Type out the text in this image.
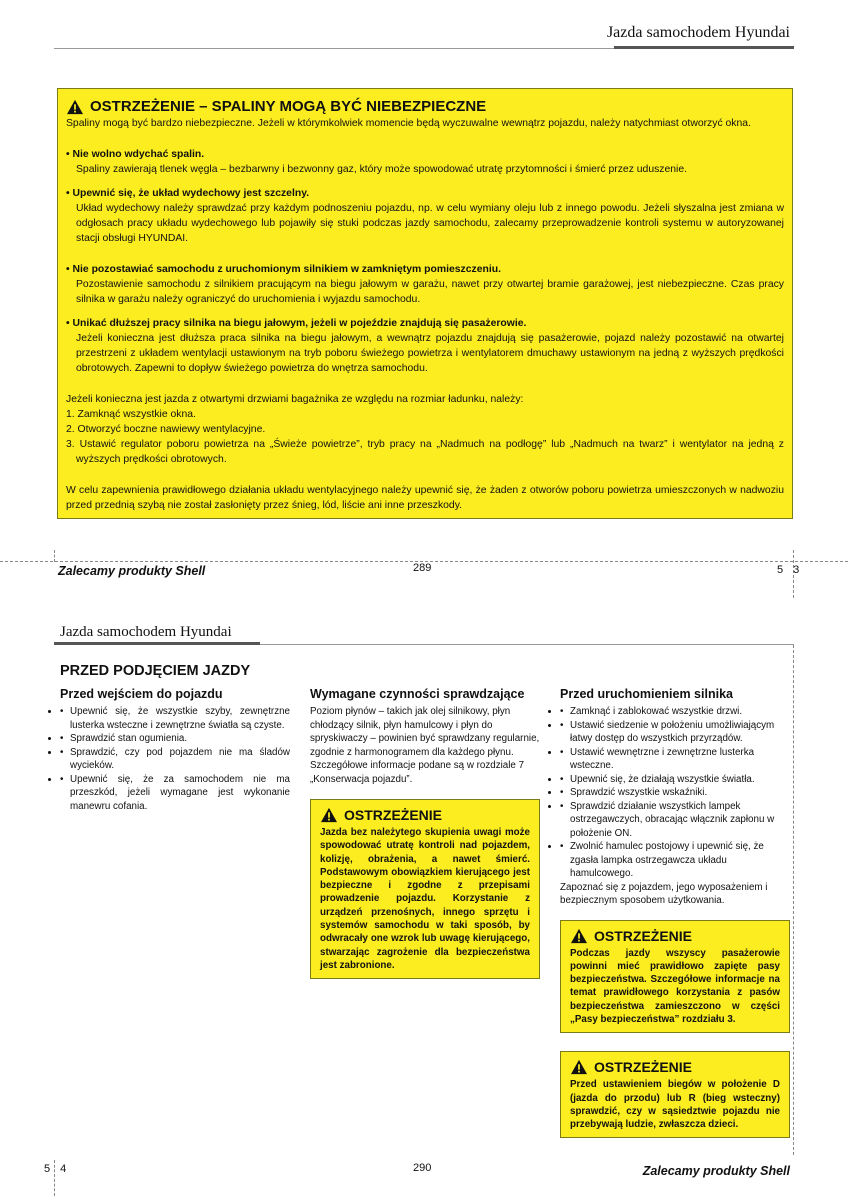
Jazda samochodem Hyundai
OSTRZEŻENIE – SPALINY MOGĄ BYĆ NIEBEZPIECZNE

Spaliny mogą być bardzo niebezpieczne. Jeżeli w którymkolwiek momencie będą wyczuwalne wewnątrz pojazdu, należy natychmiast otworzyć okna.

• Nie wolno wdychać spalin.

Spaliny zawierają tlenek węgla – bezbarwny i bezwonny gaz, który może spowodować utratę przytomności i śmierć przez uduszenie.

• Upewnić się, że układ wydechowy jest szczelny.

Układ wydechowy należy sprawdzać przy każdym podnoszeniu pojazdu, np. w celu wymiany oleju lub z innego powodu. Jeżeli słyszalna jest zmiana w odgłosach pracy układu wydechowego lub pojawiły się stuki podczas jazdy samochodu, zalecamy przeprowadzenie kontroli systemu w autoryzowanej stacji obsługi HYUNDAI.

• Nie pozostawiać samochodu z uruchomionym silnikiem w zamkniętym pomieszczeniu.

Pozostawienie samochodu z silnikiem pracującym na biegu jałowym w garażu, nawet przy otwartej bramie garażowej, jest niebezpieczne. Czas pracy silnika w garażu należy ograniczyć do uruchomienia i wyjazdu samochodu.

• Unikać dłuższej pracy silnika na biegu jałowym, jeżeli w pojeździe znajdują się pasażerowie.

Jeżeli konieczna jest dłuższa praca silnika na biegu jałowym, a wewnątrz pojazdu znajdują się pasażerowie, pojazd należy pozostawić na otwartej przestrzeni z układem wentylacji ustawionym na tryb poboru świeżego powietrza i wentylatorem dmuchawy ustawionym na jedną z wyższych prędkości obrotowych. Zapewni to dopływ świeżego powietrza do wnętrza samochodu.

Jeżeli konieczna jest jazda z otwartymi drzwiami bagażnika ze względu na rozmiar ładunku, należy:

1. Zamknąć wszystkie okna.

2. Otworzyć boczne nawiewy wentylacyjne.

3. Ustawić regulator poboru powietrza na „Świeże powietrze”, tryb pracy na „Nadmuch na podłogę” lub „Nadmuch na twarz” i wentylator na jedną z wyższych prędkości obrotowych.

W celu zapewnienia prawidłowego działania układu wentylacyjnego należy upewnić się, że żaden z otworów poboru powietrza umieszczonych w nadwoziu przed przednią szybą nie został zasłonięty przez śnieg, lód, liście ani inne przeszkody.

Zalecamy produkty Shell	289	5 3
Jazda samochodem Hyundai
PRZED PODJĘCIEM JAZDY
Przed wejściem do pojazdu
• • Upewnić się, że wszystkie szyby, zewnętrzne lusterka wsteczne i zewnętrzne światła są czyste.
• • Sprawdzić stan ogumienia.
• • Sprawdzić, czy pod pojazdem nie ma śladów wycieków.
• • Upewnić się, że za samochodem nie ma przeszkód, jeżeli wymagane jest wykonanie manewru cofania.
Wymagane czynności sprawdzające

Poziom płynów – takich jak olej silnikowy, płyn chłodzący silnik, płyn hamulcowy i płyn do spryskiwaczy – powinien być sprawdzany regularnie, zgodnie z harmonogramem dla każdego płynu. Szczegółowe informacje podane są w rozdziale 7 „Konserwacja pojazdu”.

OSTRZEŻENIE

Jazda bez należytego skupienia uwagi może spowodować utratę kontroli nad pojazdem, kolizję, obrażenia, a nawet śmierć. Podstawowym obowiązkiem kierującego jest bezpieczne i zgodne z przepisami prowadzenie pojazdu. Korzystanie z urządzeń przenośnych, innego sprzętu i systemów samochodu w taki sposób, by odwracały one wzrok lub uwagę kierującego, stwarzając zagrożenie dla bezpieczeństwa jest zabronione.

Przed uruchomieniem silnika
• • Zamknąć i zablokować wszystkie drzwi.
• • Ustawić siedzenie w położeniu umożliwiającym łatwy dostęp do wszystkich przyrządów.
• • Ustawić wewnętrzne i zewnętrzne lusterka wsteczne.
• • Upewnić się, że działają wszystkie światła.
• • Sprawdzić wszystkie wskaźniki.
• • Sprawdzić działanie wszystkich lampek ostrzegawczych, obracając włącznik zapłonu w położenie ON.
• • Zwolnić hamulec postojowy i upewnić się, że zgasła lampka ostrzegawcza układu hamulcowego.

Zapoznać się z pojazdem, jego wyposażeniem i bezpiecznym sposobem użytkowania.

OSTRZEŻENIE

Podczas jazdy wszyscy pasażerowie powinni mieć prawidłowo zapięte pasy bezpieczeństwa. Szczegółowe informacje na temat prawidłowego korzystania z pasów bezpieczeństwa zamieszczono w części „Pasy bezpieczeństwa” rozdziału 3.

OSTRZEŻENIE

Przed ustawieniem biegów w położenie D (jazda do przodu) lub R (bieg wsteczny) sprawdzić, czy w sąsiedztwie pojazdu nie przebywają ludzie, zwłaszcza dzieci.

5 4	290	Zalecamy produkty Shell
